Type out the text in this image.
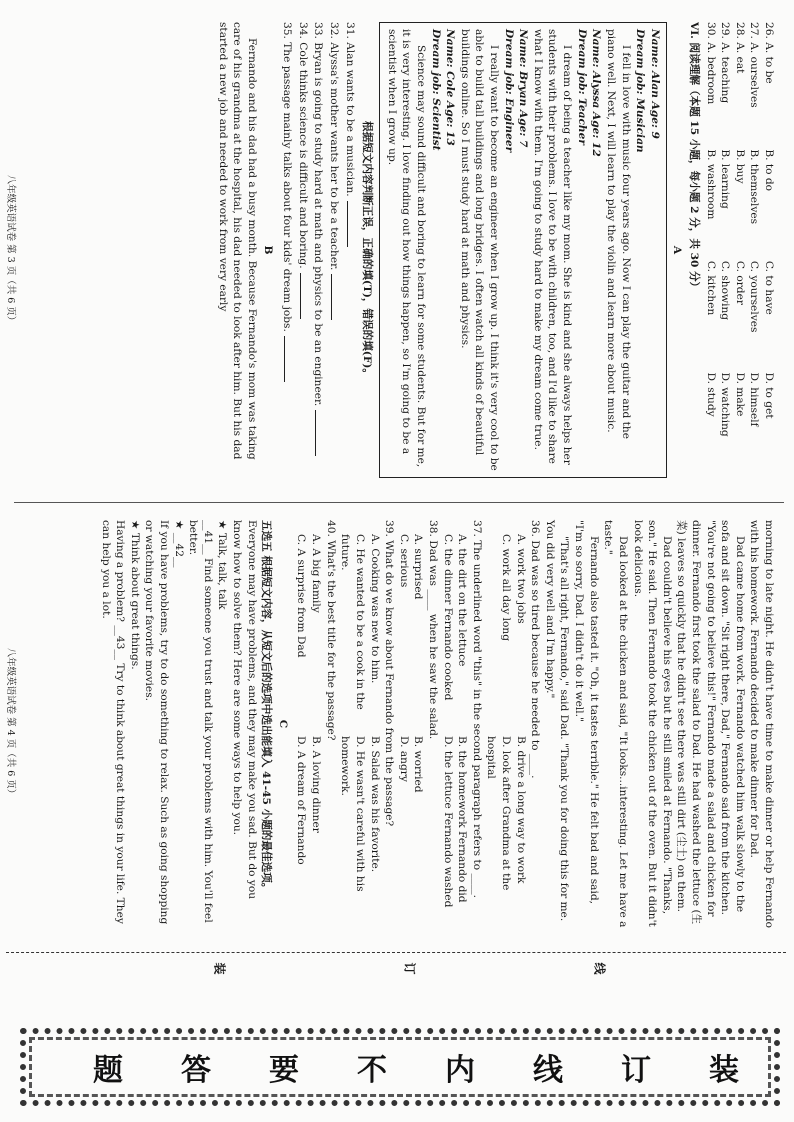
26. A. to be
B. to do
C. to have
D. to get
27. A. ourselves
B. themselves
C. yourselves
D. himself
28. A. eat
B. buy
C. order
D. make
29. A. teaching
B. learning
C. showing
D. watching
30. A. bedroom
B. washroom
C. kitchen
D. study
VI. 阅读理解（本题 15 小题，每小题 2 分，共 30 分）
A
Name: Alan Age: 9
Dream job: Musician

I fell in love with music four years ago. Now I can play the guitar and the piano well. Next, I will learn to play the violin and learn more about music.

Name: Alyssa Age: 12
Dream job: Teacher

I dream of being a teacher like my mom. She is kind and she always helps her students with their problems. I love to be with children, too, and I'd like to share what I know with them. I'm going to study hard to make my dream come true.

Name: Bryan Age: 7
Dream job: Engineer

I really want to become an engineer when I grow up. I think it's very cool to be able to build tall buildings and long bridges. I often watch all kinds of beautiful buildings online. So I must study hard at math and physics.

Name: Cole Age: 13
Dream job: Scientist

Science may sound difficult and boring to learn for some students. But for me, it is very interesting. I love finding out how things happen, so I'm going to be a scientist when I grow up.

根据短文内容判断正误，正确的填(T)，错误的填(F)。
31. Alan wants to be a musician.
32. Alyssa's mother wants her to be a teacher.
33. Bryan is going to study hard at math and physics to be an engineer.
34. Cole thinks science is difficult and boring.
35. The passage mainly talks about four kids' dream jobs.
B

Fernando and his dad had a busy month. Because Fernando's mom was taking care of his grandma at the hospital, his dad needed to look after him. But his dad started a new job and needed to work from very early

八年级英语试卷 第 3 页（共 6 页）

morning to late night. He didn't have time to make dinner or help Fernando with his homework. Fernando decided to make dinner for Dad.

Dad came home from work. Fernando watched him walk slowly to the sofa and sit down. "Sit right there, Dad," Fernando said from the kitchen. "You're not going to believe this!" Fernando made a salad and chicken for dinner. Fernando first took the salad to Dad. He had washed the lettuce (生菜) leaves so quickly that he didn't see there was still dirt (尘土) on them.

Dad couldn't believe his eyes but he still smiled at Fernando. "Thanks, son." He said. Then Fernando took the chicken out of the oven. But it didn't look delicious.

Dad looked at the chicken and said, "It looks...interesting. Let me have a taste."

Fernando also tasted it. "Oh, it tastes terrible." He felt bad and said, "I'm so sorry, Dad. I didn't do it well."

"That's all right, Fernando," said Dad. "Thank you for doing this for me. You did very well and I'm happy."

36. Dad was so tired because he needed to ____.
A. work two jobs
B. drive a long way to work
C. work all day long
D. look after Grandma at the hospital
37. The underlined word "this" in the second paragraph refers to ____.
A. the dirt on the lettuce
B. the homework Fernando did
C. the dinner Fernando cooked
D. the lettuce Fernando washed
38. Dad was ____ when he saw the salad.
A. surprised
B. worried
C. serious
D. angry
39. What do we know about Fernando from the passage?
A. Cooking was new to him.
B. Salad was his favorite.
C. He wanted to be a cook in the future.
D. He wasn't careful with his homework.
40. What's the best title for the passage?
A. A big family
B. A loving dinner
C. A surprise from Dad
D. A dream of Fernando
C

五选五 根据短文内容，从短文后的选项中选出能填入 41-45 小题的最佳选项。

Everyone may have problems, and they may make you sad. But do you know how to solve them? Here are some ways to help you.

★ Talk, talk, talk

__41__ Find someone you trust and talk your problems with him. You'll feel better.

★ __42__

If you have problems, try to do something to relax. Such as going shopping or watching your favorite movies.

★ Think about great things.

Having a problem? __43__ Try to think about great things in your life. They can help you a lot.

八年级英语试卷 第 4 页（共 6 页）
线
订
装
装
订
线
内
不
要
答
题
